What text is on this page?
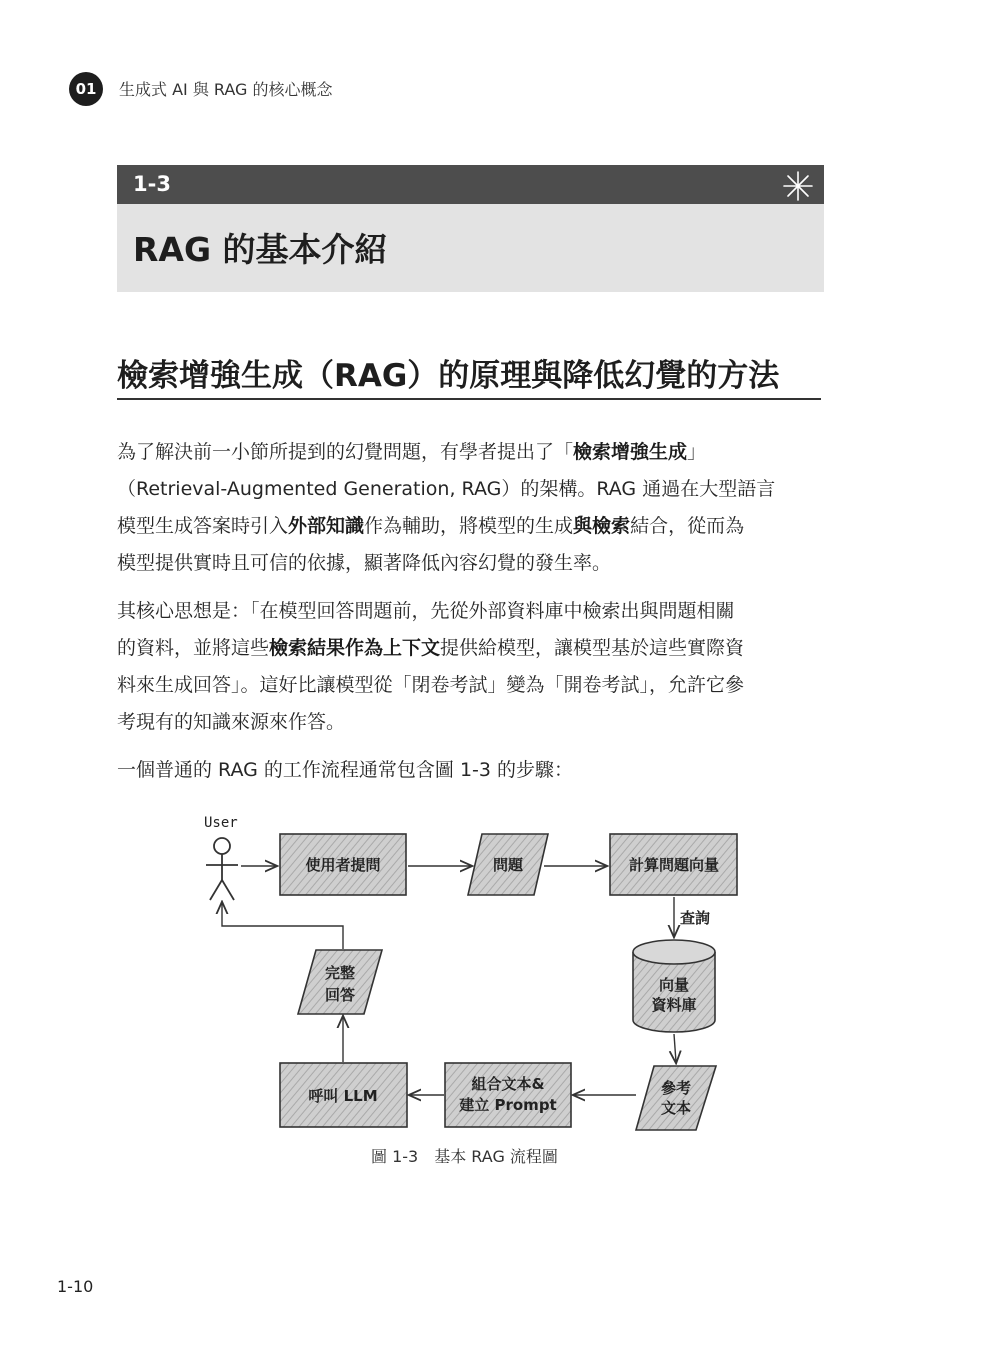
01	生成式 AI 與 RAG 的核心概念
1-3
RAG 的基本介紹
檢索增強生成（RAG）的原理與降低幻覺的方法
為了解決前一小節所提到的幻覺問題，有學者提出了「檢索增強生成」
（Retrieval-Augmented Generation, RAG）的架構。RAG 通過在大型語言
模型生成答案時引入外部知識作為輔助，將模型的生成與檢索結合，從而為
模型提供實時且可信的依據，顯著降低內容幻覺的發生率。
其核心思想是：「在模型回答問題前，先從外部資料庫中檢索出與問題相關
的資料，並將這些檢索結果作為上下文提供給模型，讓模型基於這些實際資
料來生成回答」。這好比讓模型從「閉卷考試」變為「開卷考試」，允許它參
考現有的知識來源來作答。
一個普通的 RAG 的工作流程通常包含圖 1-3 的步驟：
User
使用者提問	問題	計算問題向量
查詢
向量
資料庫
參考
文本
組合文本&
建立 Prompt
呼叫 LLM
完整
回答
圖 1-3　基本 RAG 流程圖
1-10
